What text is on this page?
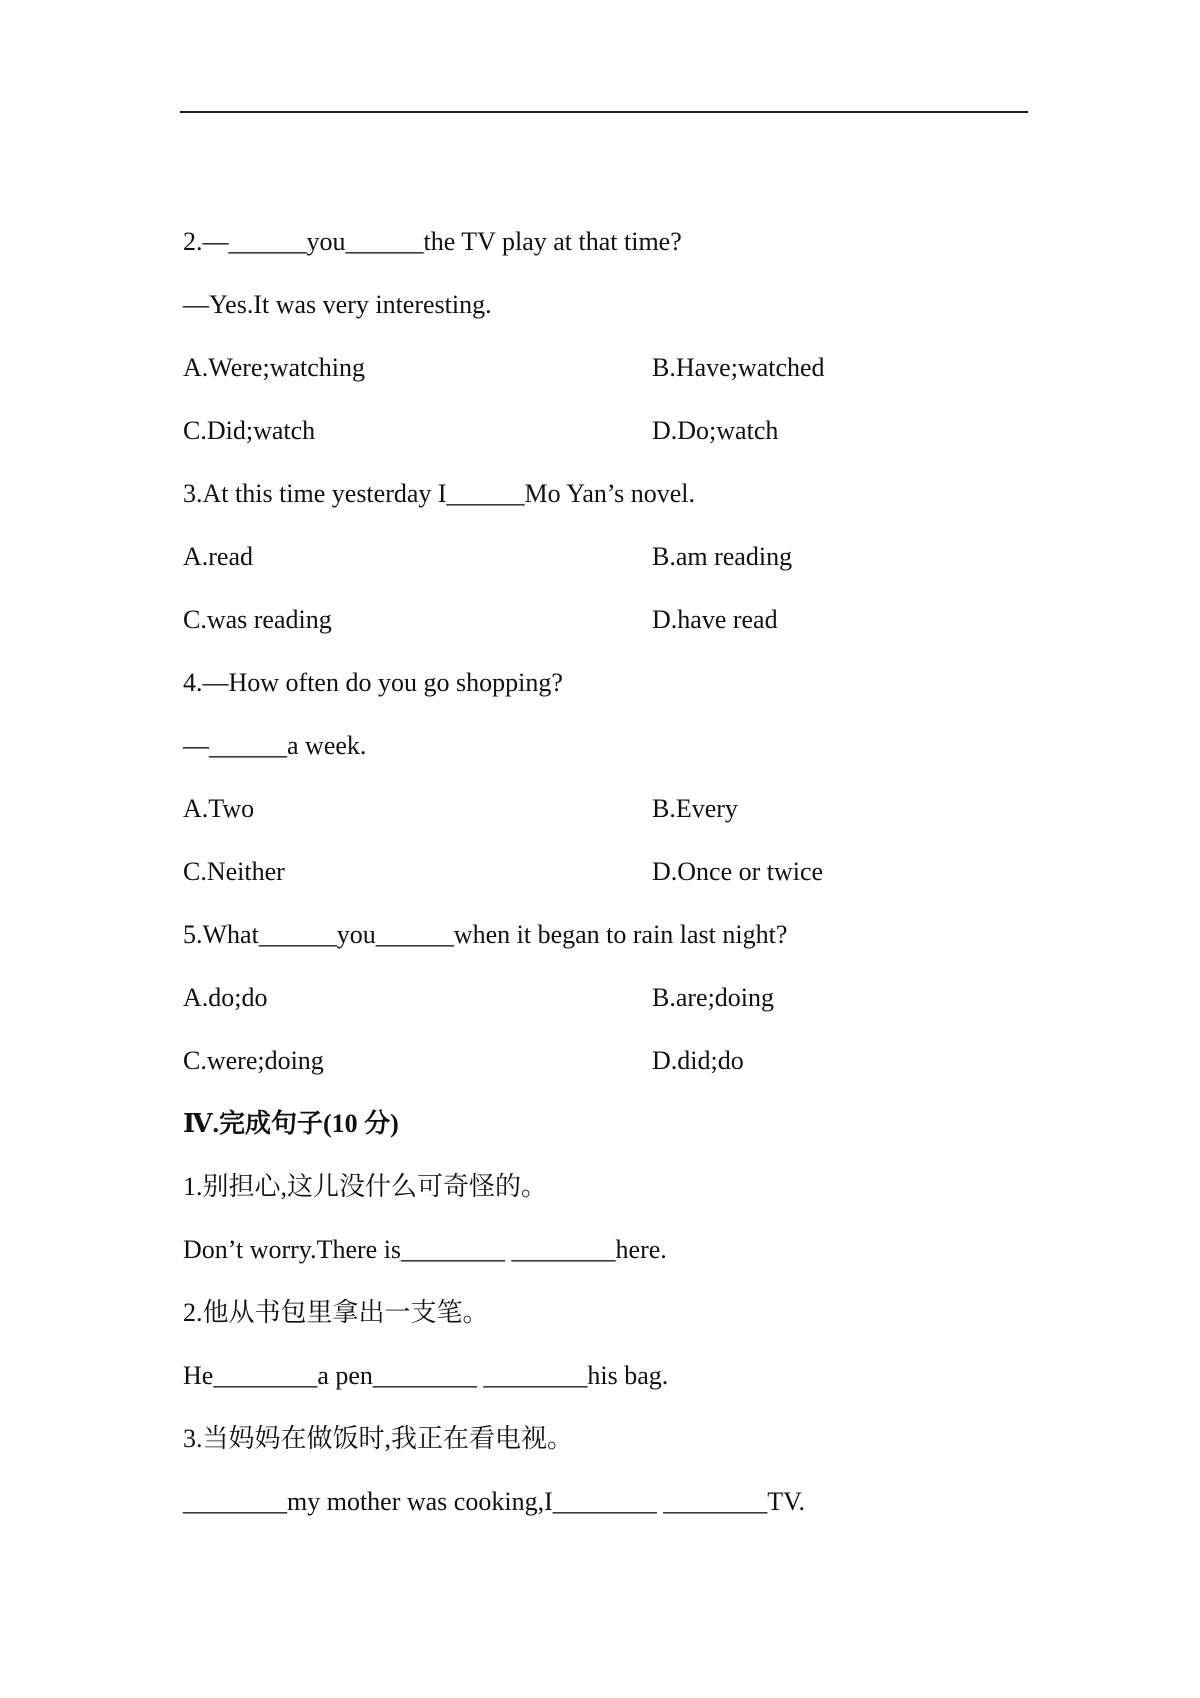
2.—______you______the TV play at that time?

—Yes.It was very interesting.

A.Were;watching	B.Have;watched

C.Did;watch	D.Do;watch

3.At this time yesterday I______Mo Yan’s novel.

A.read	B.am reading

C.was reading	D.have read

4.—How often do you go shopping?

—______a week.

A.Two	B.Every

C.Neither	D.Once or twice

5.What______you______when it began to rain last night?

A.do;do	B.are;doing

C.were;doing	D.did;do

Ⅳ.完成句子(10 分)

1.别担心,这儿没什么可奇怪的。

Don’t worry.There is________ ________here.

2.他从书包里拿出一支笔。

He________a pen________ ________his bag.

3.当妈妈在做饭时,我正在看电视。

________my mother was cooking,I________ ________TV.
